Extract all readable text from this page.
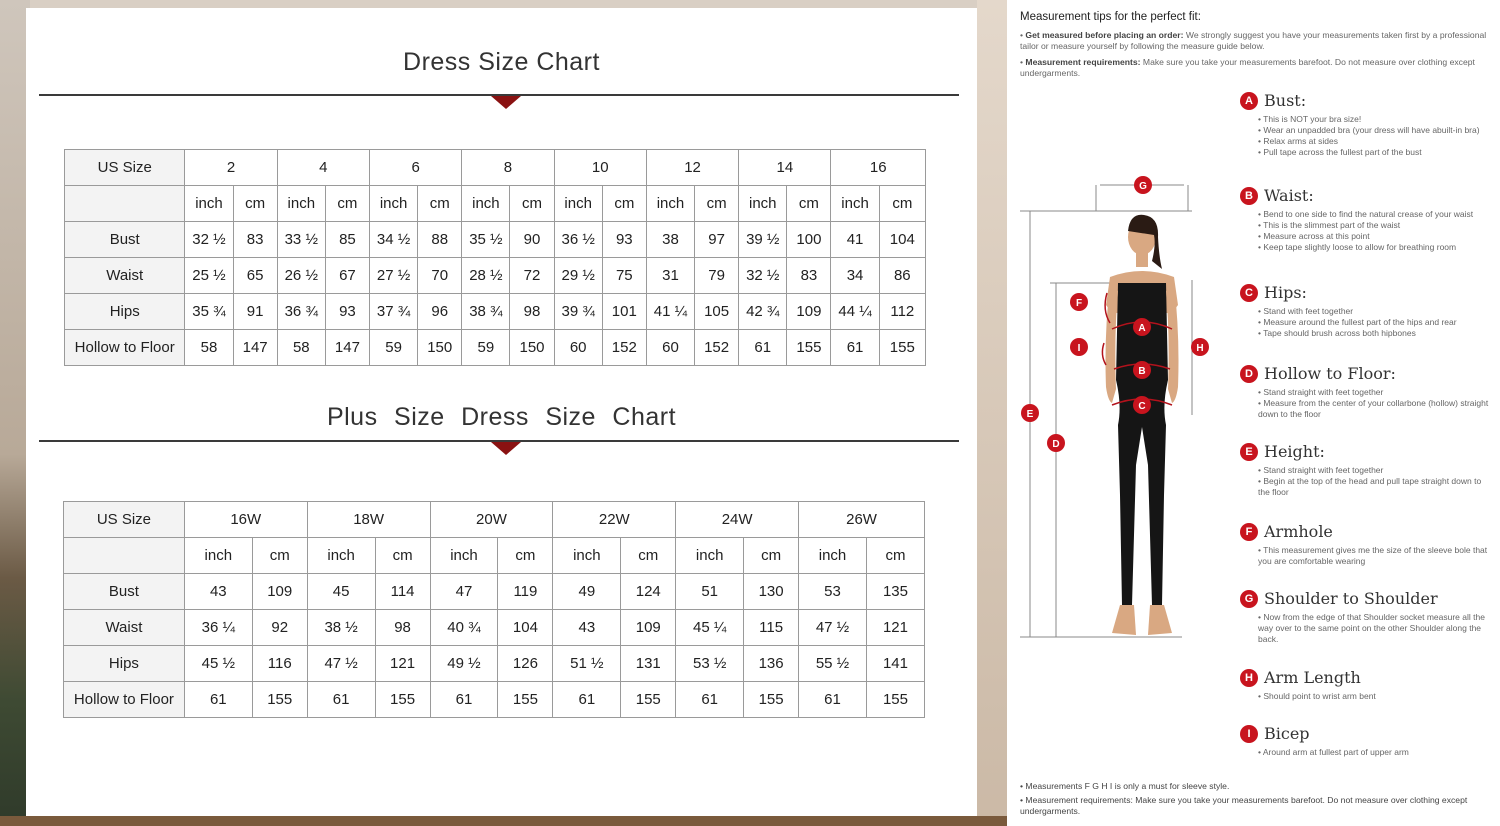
Dress Size Chart
US Size	2		4		6		8		10		12		14		16	
	inch	cm	inch	cm	inch	cm	inch	cm	inch	cm	inch	cm	inch	cm	inch	cm
Bust	32 ½	83	33 ½	85	34 ½	88	35 ½	90	36 ½	93	38	97	39 ½	100	41	104
Waist	25 ½	65	26 ½	67	27 ½	70	28 ½	72	29 ½	75	31	79	32 ½	83	34	86
Hips	35 ¾	91	36 ¾	93	37 ¾	96	38 ¾	98	39 ¾	101	41 ¼	105	42 ¾	109	44 ¼	112
Hollow to Floor	58	147	58	147	59	150	59	150	60	152	60	152	61	155	61	155
Plus Size Dress Size Chart
US Size	16W		18W		20W		22W		24W		26W	
	inch	cm	inch	cm	inch	cm	inch	cm	inch	cm	inch	cm
Bust	43	109	45	114	47	119	49	124	51	130	53	135
Waist	36 ¼	92	38 ½	98	40 ¾	104	43	109	45 ¼	115	47 ½	121
Hips	45 ½	116	47 ½	121	49 ½	126	51 ½	131	53 ½	136	55 ½	141
Hollow to Floor	61	155	61	155	61	155	61	155	61	155	61	155
Measurement tips for the perfect fit:
• Get measured before placing an order: We strongly suggest you have your measurements taken first by a professional tailor or measure yourself by following the measure guide below.
• Measurement requirements: Make sure you take your measurements barefoot. Do not measure over clothing except undergarments.
A
B
C
D
E
F
G
H
I
A Bust:
• This is NOT your bra size!
• Wear an unpadded bra (your dress will have abuilt-in bra)
• Relax arms at sides
• Pull tape across the fullest part of the bust
B Waist:
• Bend to one side to find the natural crease of your waist
• This is the slimmest part of the waist
• Measure across at this point
• Keep tape slightly loose to allow for breathing room
C Hips:
• Stand with feet together
• Measure around the fullest part of the hips and rear
• Tape should brush across both hipbones
D Hollow to Floor:
• Stand straight with feet together
• Measure from the center of your collarbone (hollow) straight down to the floor
E Height:
• Stand straight with feet together
• Begin at the top of the head and pull tape straight down to the floor
F Armhole
• This measurement gives me the size of the sleeve bole that you are comfortable wearing
G Shoulder to Shoulder
• Now from the edge of that Shoulder socket measure all the way over to the same point on the other Shoulder along the back.
H Arm Length
• Should point to wrist arm bent
I Bicep
• Around arm at fullest part of upper arm
• Measurements F G H I is only a must for sleeve style.
• Measurement requirements: Make sure you take your measurements barefoot. Do not measure over clothing except undergarments.
